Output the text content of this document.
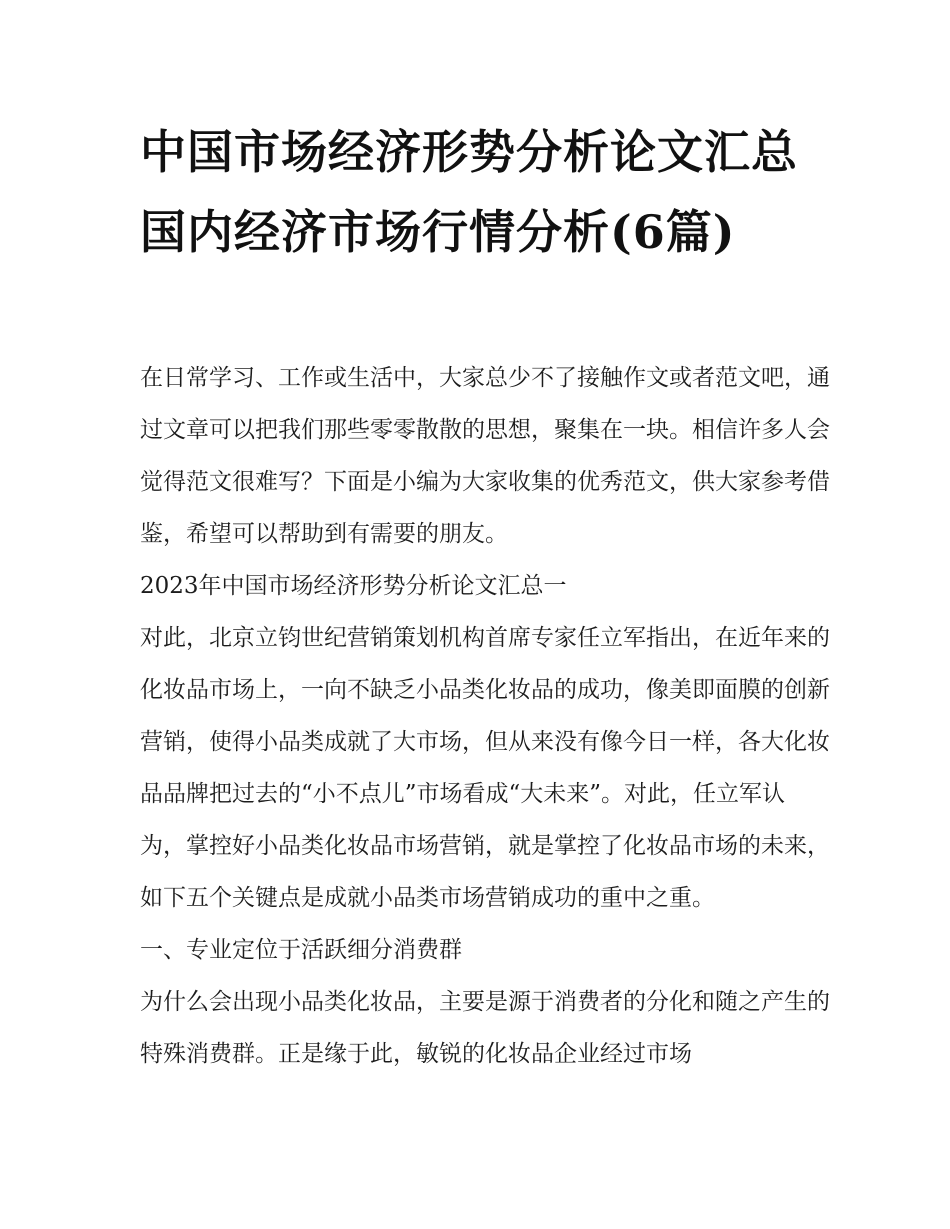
中国市场经济形势分析论文汇总 国内经济市场行情分析(6篇)

在日常学习、工作或生活中，大家总少不了接触作文或者范文吧，通过文章可以把我们那些零零散散的思想，聚集在一块。相信许多人会觉得范文很难写？下面是小编为大家收集的优秀范文，供大家参考借鉴，希望可以帮助到有需要的朋友。

2023年中国市场经济形势分析论文汇总一

对此，北京立钧世纪营销策划机构首席专家任立军指出，在近年来的化妆品市场上，一向不缺乏小品类化妆品的成功，像美即面膜的创新营销，使得小品类成就了大市场，但从来没有像今日一样，各大化妆品品牌把过去的“小不点儿”市场看成“大未来”。对此，任立军认为，掌控好小品类化妆品市场营销，就是掌控了化妆品市场的未来，如下五个关键点是成就小品类市场营销成功的重中之重。

一、专业定位于活跃细分消费群

为什么会出现小品类化妆品，主要是源于消费者的分化和随之产生的特殊消费群。正是缘于此，敏锐的化妆品企业经过市场
